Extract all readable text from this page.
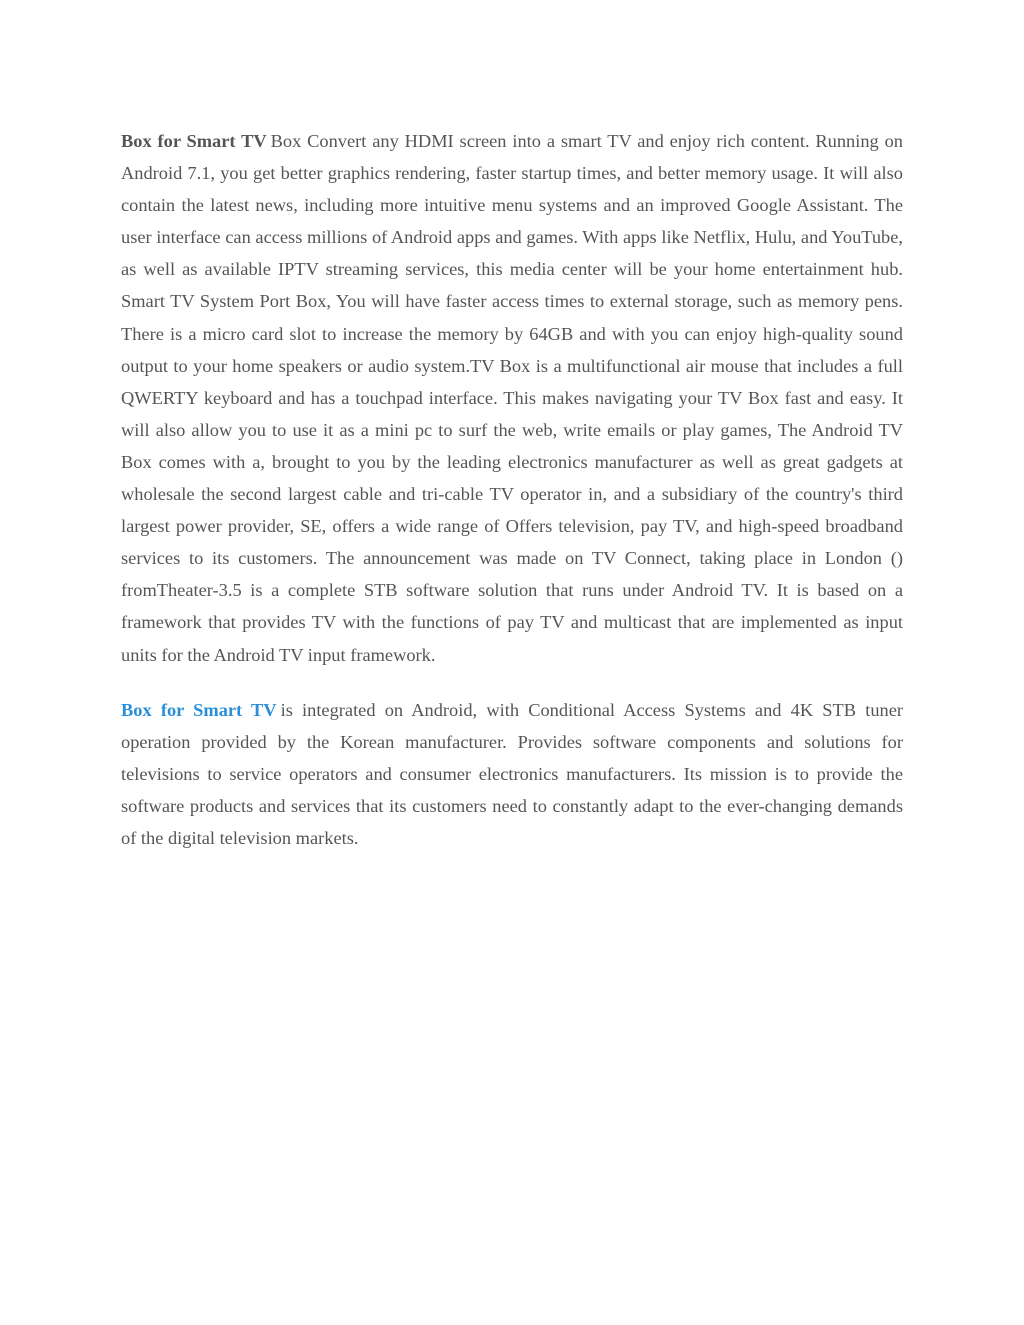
Box for Smart TV Box Convert any HDMI screen into a smart TV and enjoy rich content. Running on Android 7.1, you get better graphics rendering, faster startup times, and better memory usage. It will also contain the latest news, including more intuitive menu systems and an improved Google Assistant. The user interface can access millions of Android apps and games. With apps like Netflix, Hulu, and YouTube, as well as available IPTV streaming services, this media center will be your home entertainment hub. Smart TV System Port Box, You will have faster access times to external storage, such as memory pens. There is a micro card slot to increase the memory by 64GB and with you can enjoy high-quality sound output to your home speakers or audio system.TV Box is a multifunctional air mouse that includes a full QWERTY keyboard and has a touchpad interface. This makes navigating your TV Box fast and easy. It will also allow you to use it as a mini pc to surf the web, write emails or play games, The Android TV Box comes with a, brought to you by the leading electronics manufacturer as well as great gadgets at wholesale the second largest cable and tri-cable TV operator in, and a subsidiary of the country's third largest power provider, SE, offers a wide range of Offers television, pay TV, and high-speed broadband services to its customers. The announcement was made on TV Connect, taking place in London () fromTheater-3.5 is a complete STB software solution that runs under Android TV. It is based on a framework that provides TV with the functions of pay TV and multicast that are implemented as input units for the Android TV input framework.

Box for Smart TV is integrated on Android, with Conditional Access Systems and 4K STB tuner operation provided by the Korean manufacturer. Provides software components and solutions for televisions to service operators and consumer electronics manufacturers. Its mission is to provide the software products and services that its customers need to constantly adapt to the ever-changing demands of the digital television markets.
